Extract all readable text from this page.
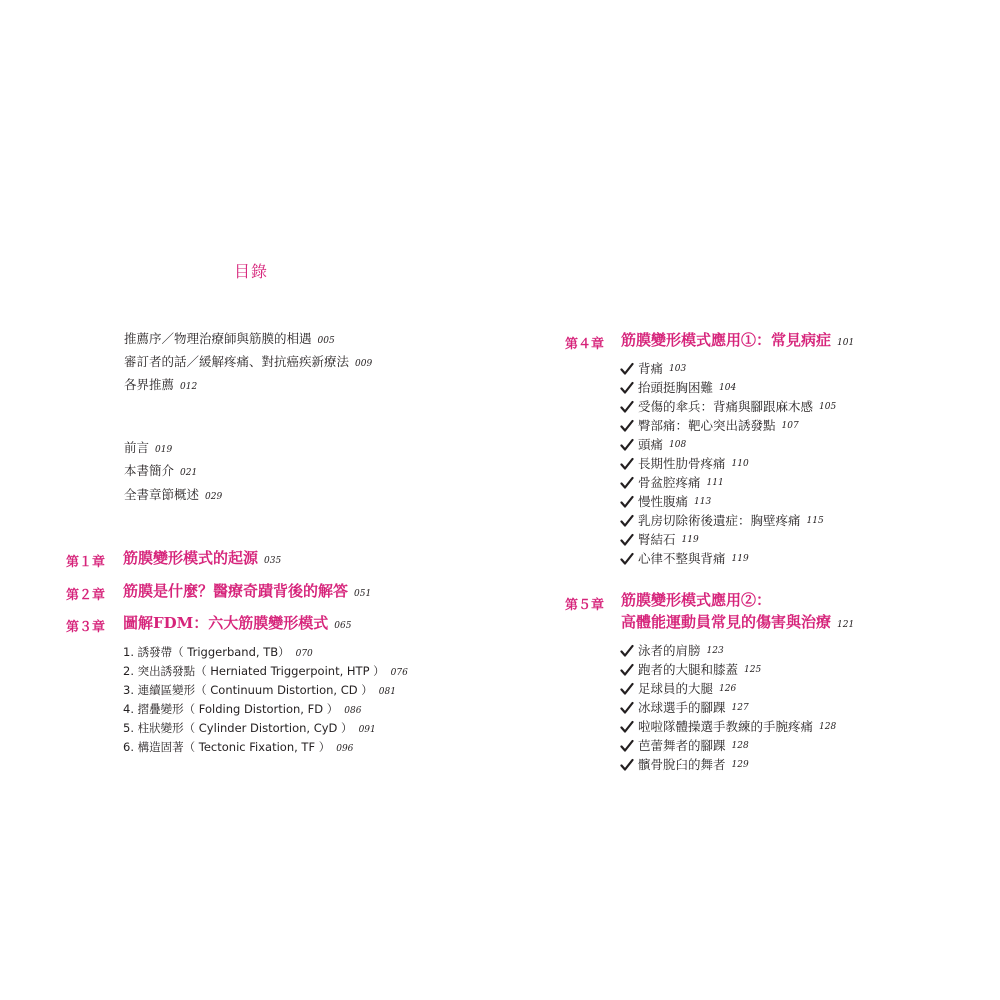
目錄
推薦序／物理治療師與筋膜的相遇 005
審訂者的話／緩解疼痛、對抗癌疾新療法 009
各界推薦 012
前言 019
本書簡介 021
全書章節概述 029
第１章 筋膜變形模式的起源 035
第２章 筋膜是什麼？醫療奇蹟背後的解答 051
第３章 圖解FDM：六大筋膜變形模式 065
1. 誘發帶（ Triggerband, TB） 070
2. 突出誘發點（ Herniated Triggerpoint, HTP ） 076
3. 連續區變形（ Continuum Distortion, CD ） 081
4. 摺疊變形（ Folding Distortion, FD ） 086
5. 柱狀變形（ Cylinder Distortion, CyD ） 091
6. 構造固著（ Tectonic Fixation, TF ） 096
第４章 筋膜變形模式應用①：常見病症 101
背痛 103
抬頭挺胸困難 104
受傷的傘兵：背痛與腳跟麻木感 105
臀部痛：靶心突出誘發點 107
頭痛 108
長期性肋骨疼痛 110
骨盆腔疼痛 111
慢性腹痛 113
乳房切除術後遺症：胸壁疼痛 115
腎結石 119
心律不整與背痛 119
第５章 筋膜變形模式應用②：
高體能運動員常見的傷害與治療 121
泳者的肩膀 123
跑者的大腿和膝蓋 125
足球員的大腿 126
冰球選手的腳踝 127
啦啦隊體操選手教練的手腕疼痛 128
芭蕾舞者的腳踝 128
髕骨脫臼的舞者 129
